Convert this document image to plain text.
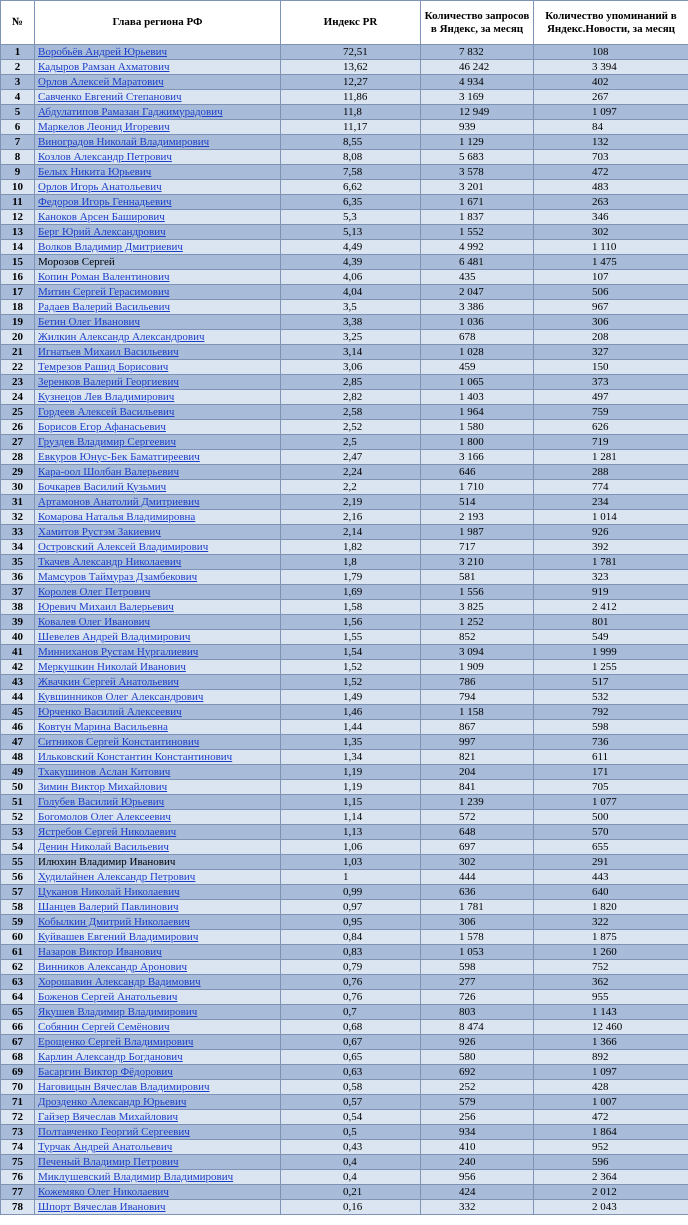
№	Глава региона РФ	Индекс PR	Количество запросов в Яндекс, за месяц	Количество упоминаний в Яндекс.Новости, за месяц
1	Воробьёв Андрей Юрьевич	72,51	7 832	108
2	Кадыров Рамзан Ахматович	13,62	46 242	3 394
3	Орлов Алексей Маратович	12,27	4 934	402
4	Савченко Евгений Степанович	11,86	3 169	267
5	Абдулатипов Рамазан Гаджимурадович	11,8	12 949	1 097
6	Маркелов Леонид Игоревич	11,17	939	84
7	Виноградов Николай Владимирович	8,55	1 129	132
8	Козлов Александр Петрович	8,08	5 683	703
9	Белых Никита Юрьевич	7,58	3 578	472
10	Орлов Игорь Анатольевич	6,62	3 201	483
11	Федоров Игорь Геннадьевич	6,35	1 671	263
12	Каноков Арсен Баширович	5,3	1 837	346
13	Берг Юрий Александрович	5,13	1 552	302
14	Волков Владимир Дмитриевич	4,49	4 992	1 110
15	Морозов Сергей	4,39	6 481	1 475
16	Копин Роман Валентинович	4,06	435	107
17	Митин Сергей Герасимович	4,04	2 047	506
18	Радаев Валерий Васильевич	3,5	3 386	967
19	Бетин Олег Иванович	3,38	1 036	306
20	Жилкин Александр Александрович	3,25	678	208
21	Игнатьев Михаил Васильевич	3,14	1 028	327
22	Темрезов Рашид Борисович	3,06	459	150
23	Зеренков Валерий Георгиевич	2,85	1 065	373
24	Кузнецов Лев Владимирович	2,82	1 403	497
25	Гордеев Алексей Васильевич	2,58	1 964	759
26	Борисов Егор Афанасьевич	2,52	1 580	626
27	Груздев Владимир Сергеевич	2,5	1 800	719
28	Евкуров Юнус-Бек Баматгиреевич	2,47	3 166	1 281
29	Кара-оол Шолбан Валерьевич	2,24	646	288
30	Бочкарев Василий Кузьмич	2,2	1 710	774
31	Артамонов Анатолий Дмитриевич	2,19	514	234
32	Комарова Наталья Владимировна	2,16	2 193	1 014
33	Хамитов Рустэм Закиевич	2,14	1 987	926
34	Островский Алексей Владимирович	1,82	717	392
35	Ткачев Александр Николаевич	1,8	3 210	1 781
36	Мамсуров Таймураз Дзамбекович	1,79	581	323
37	Королев Олег Петрович	1,69	1 556	919
38	Юревич Михаил Валерьевич	1,58	3 825	2 412
39	Ковалев Олег Иванович	1,56	1 252	801
40	Шевелев Андрей Владимирович	1,55	852	549
41	Минниханов Рустам Нургалиевич	1,54	3 094	1 999
42	Меркушкин Николай Иванович	1,52	1 909	1 255
43	Жвачкин Сергей Анатольевич	1,52	786	517
44	Кувшинников Олег Александрович	1,49	794	532
45	Юрченко Василий Алексеевич	1,46	1 158	792
46	Ковтун Марина Васильевна	1,44	867	598
47	Ситников Сергей Константинович	1,35	997	736
48	Ильковский Константин Константинович	1,34	821	611
49	Тхакушинов Аслан Китович	1,19	204	171
50	Зимин Виктор Михайлович	1,19	841	705
51	Голубев Василий Юрьевич	1,15	1 239	1 077
52	Богомолов Олег Алексеевич	1,14	572	500
53	Ястребов Сергей Николаевич	1,13	648	570
54	Денин Николай Васильевич	1,06	697	655
55	Илюхин Владимир Иванович	1,03	302	291
56	Худилайнен Александр Петрович	1	444	443
57	Цуканов Николай Николаевич	0,99	636	640
58	Шанцев Валерий Павлинович	0,97	1 781	1 820
59	Кобылкин Дмитрий Николаевич	0,95	306	322
60	Куйвашев Евгений Владимирович	0,84	1 578	1 875
61	Назаров Виктор Иванович	0,83	1 053	1 260
62	Винников Александр Аронович	0,79	598	752
63	Хорошавин Александр Вадимович	0,76	277	362
64	Боженов Сергей Анатольевич	0,76	726	955
65	Якушев Владимир Владимирович	0,7	803	1 143
66	Собянин Сергей Семёнович	0,68	8 474	12 460
67	Ерощенко Сергей Владимирович	0,67	926	1 366
68	Карлин Александр Богданович	0,65	580	892
69	Басаргин Виктор Фёдорович	0,63	692	1 097
70	Наговицын Вячеслав Владимирович	0,58	252	428
71	Дрозденко Александр Юрьевич	0,57	579	1 007
72	Гайзер Вячеслав Михайлович	0,54	256	472
73	Полтавченко Георгий Сергеевич	0,5	934	1 864
74	Турчак Андрей Анатольевич	0,43	410	952
75	Печеный Владимир Петрович	0,4	240	596
76	Миклушевский Владимир Владимирович	0,4	956	2 364
77	Кожемяко Олег Николаевич	0,21	424	2 012
78	Шпорт Вячеслав Иванович	0,16	332	2 043
